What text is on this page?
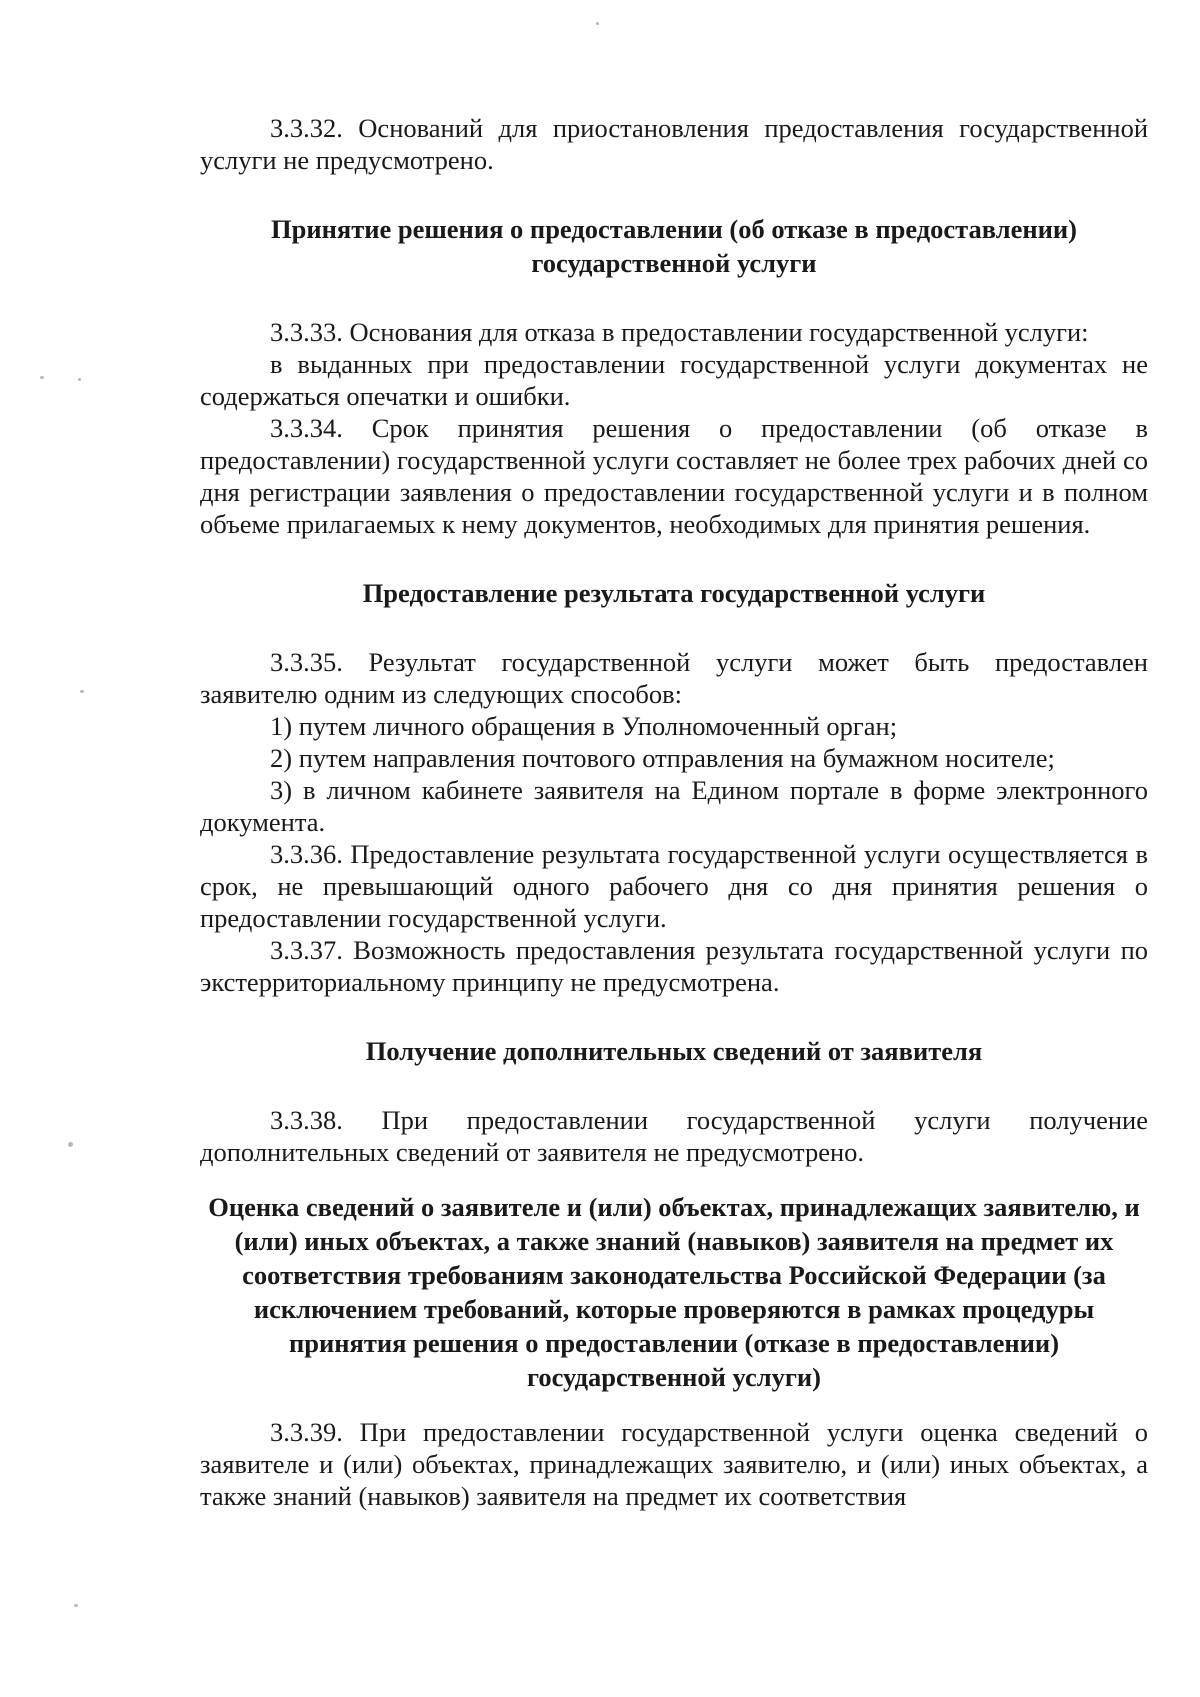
3.3.32. Оснований для приостановления предоставления государственной услуги не предусмотрено.

Принятие решения о предоставлении (об отказе в предоставлении) государственной услуги

3.3.33. Основания для отказа в предоставлении государственной услуги:

в выданных при предоставлении государственной услуги документах не содержаться опечатки и ошибки.

3.3.34. Срок принятия решения о предоставлении (об отказе в предоставлении) государственной услуги составляет не более трех рабочих дней со дня регистрации заявления о предоставлении государственной услуги и в полном объеме прилагаемых к нему документов, необходимых для принятия решения.

Предоставление результата государственной услуги

3.3.35. Результат государственной услуги может быть предоставлен заявителю одним из следующих способов:

1) путем личного обращения в Уполномоченный орган;

2) путем направления почтового отправления на бумажном носителе;

3) в личном кабинете заявителя на Едином портале в форме электронного документа.

3.3.36. Предоставление результата государственной услуги осуществляется в срок, не превышающий одного рабочего дня со дня принятия решения о предоставлении государственной услуги.

3.3.37. Возможность предоставления результата государственной услуги по экстерриториальному принципу не предусмотрена.

Получение дополнительных сведений от заявителя

3.3.38. При предоставлении государственной услуги получение дополнительных сведений от заявителя не предусмотрено.

Оценка сведений о заявителе и (или) объектах, принадлежащих заявителю, и (или) иных объектах, а также знаний (навыков) заявителя на предмет их соответствия требованиям законодательства Российской Федерации (за исключением требований, которые проверяются в рамках процедуры принятия решения о предоставлении (отказе в предоставлении) государственной услуги)

3.3.39. При предоставлении государственной услуги оценка сведений о заявителе и (или) объектах, принадлежащих заявителю, и (или) иных объектах, а также знаний (навыков) заявителя на предмет их соответствия
